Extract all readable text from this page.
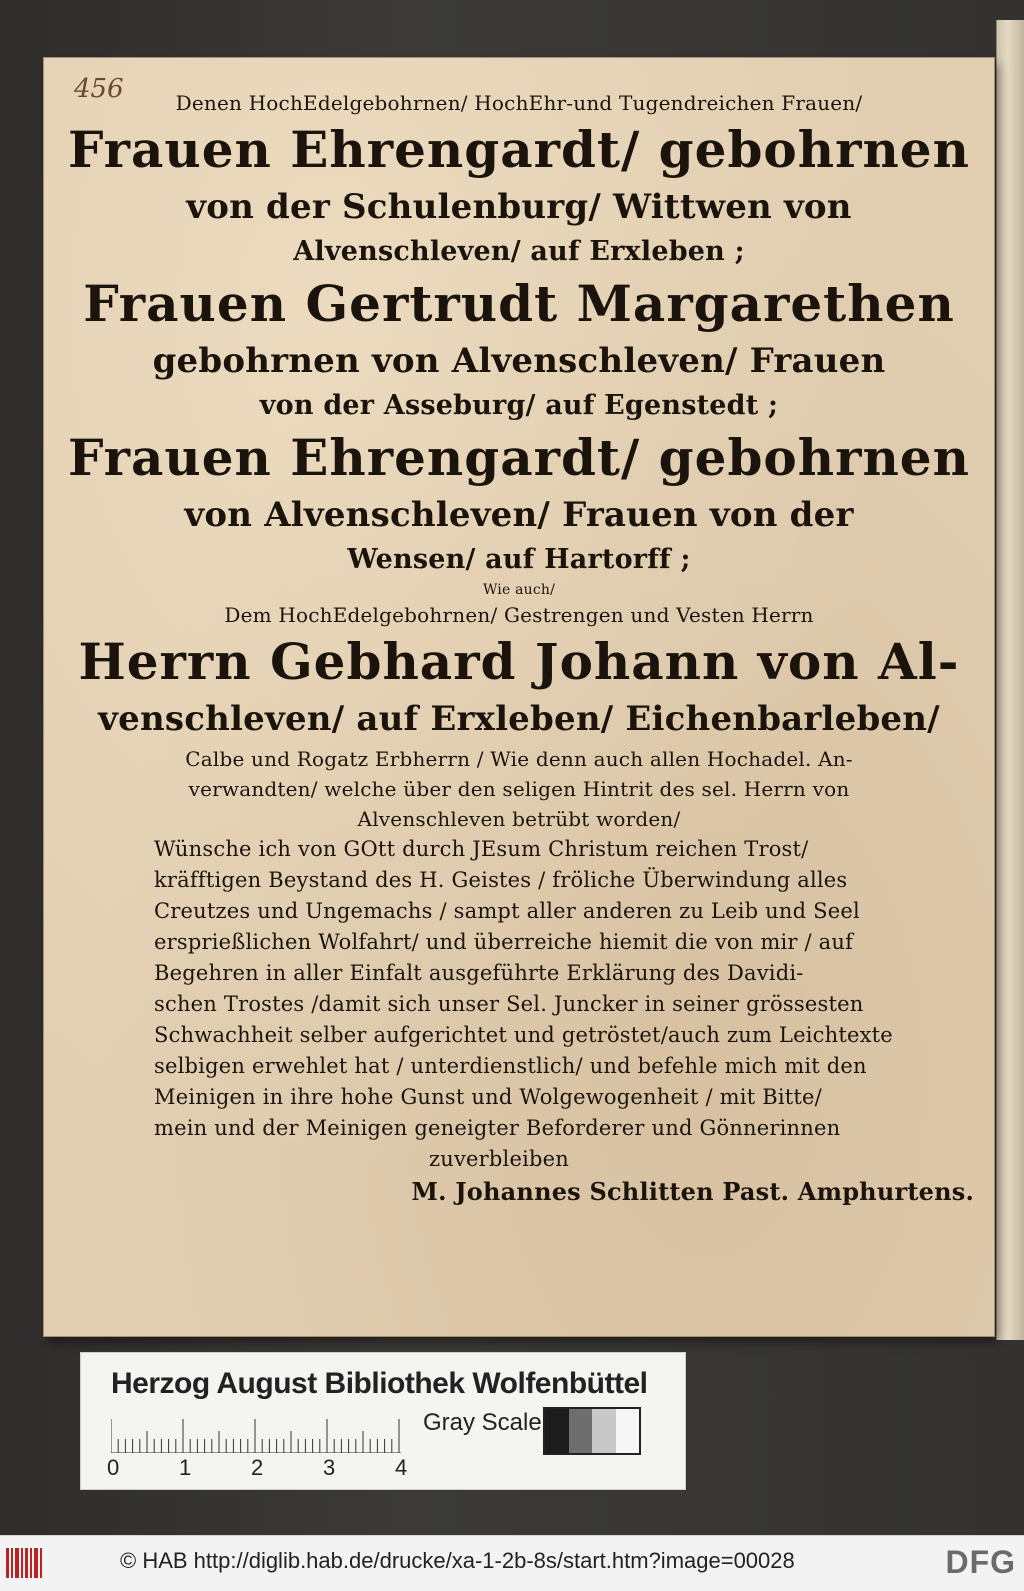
456	Denen HochEdelgebohrnen/ HochEhr-und Tugendreichen Frauen/
Frauen Ehrengardt/ gebohrnen
von der Schulenburg/ Wittwen von
Alvenschleven/ auf Erxleben ;
Frauen Gertrudt Margarethen
gebohrnen von Alvenschleven/ Frauen
von der Asseburg/ auf Egenstedt ;
Frauen Ehrengardt/ gebohrnen
von Alvenschleven/ Frauen von der
Wensen/ auf Hartorff ;
Wie auch/
Dem HochEdelgebohrnen/ Gestrengen und Vesten Herrn
Herrn Gebhard Johann von Al-
venschleven/ auf Erxleben/ Eichenbarleben/
Calbe und Rogatz Erbherrn / Wie denn auch allen Hochadel. An-
verwandten/ welche über den seligen Hintrit des sel. Herrn von
Alvenschleven betrübt worden/
Wünsche ich von GOtt durch JEsum Christum reichen Trost/
kräfftigen Beystand des H. Geistes / fröliche Überwindung alles
Creutzes und Ungemachs / sampt aller anderen zu Leib und Seel
ersprießlichen Wolfahrt/ und überreiche hiemit die von mir / auf
Begehren in aller Einfalt ausgeführte Erklärung des Davidi-
schen Trostes /damit sich unser Sel. Juncker in seiner grössesten
Schwachheit selber aufgerichtet und getröstet/auch zum Leichtexte
selbigen erwehlet hat / unterdienstlich/ und befehle mich mit den
Meinigen in ihre hohe Gunst und Wolgewogenheit / mit Bitte/
mein und der Meinigen geneigter Beforderer und Gönnerinnen
zuverbleiben
M. Johannes Schlitten Past. Amphurtens.
Herzog August Bibliothek Wolfenbüttel
0	1	2	3	4
Gray Scale
© HAB http://diglib.hab.de/drucke/xa-1-2b-8s/start.htm?image=00028	DFG
